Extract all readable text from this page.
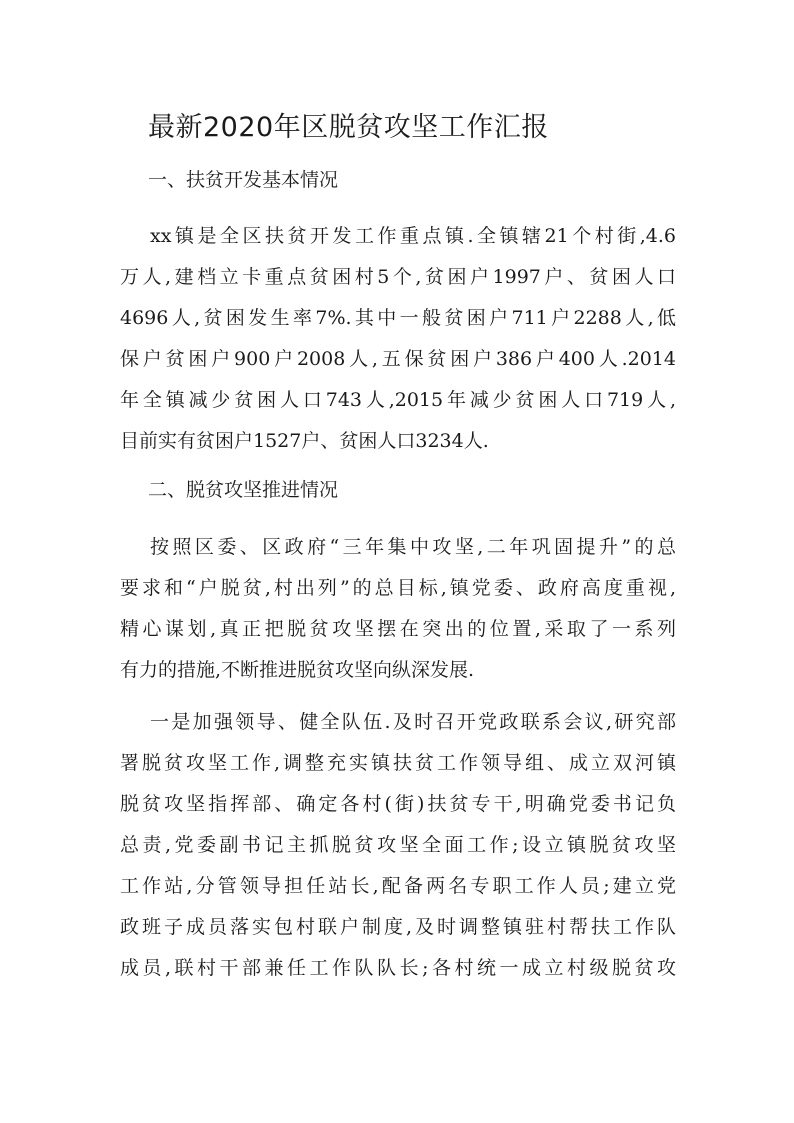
最新2020年区脱贫攻坚工作汇报
一、扶贫开发基本情况

xx镇是全区扶贫开发工作重点镇.全镇辖21个村街,4.6
万人,建档立卡重点贫困村5个,贫困户1997户、贫困人口
4696人,贫困发生率7%.其中一般贫困户711户2288人,低
保户贫困户900户2008人,五保贫困户386户400人.2014
年全镇减少贫困人口743人,2015年减少贫困人口719人,
目前实有贫困户1527户、贫困人口3234人.

二、脱贫攻坚推进情况

按照区委、区政府“三年集中攻坚,二年巩固提升”的总
要求和“户脱贫,村出列”的总目标,镇党委、政府高度重视,
精心谋划,真正把脱贫攻坚摆在突出的位置,采取了一系列
有力的措施,不断推进脱贫攻坚向纵深发展.

一是加强领导、健全队伍.及时召开党政联系会议,研究部
署脱贫攻坚工作,调整充实镇扶贫工作领导组、成立双河镇
脱贫攻坚指挥部、确定各村(街)扶贫专干,明确党委书记负
总责,党委副书记主抓脱贫攻坚全面工作;设立镇脱贫攻坚
工作站,分管领导担任站长,配备两名专职工作人员;建立党
政班子成员落实包村联户制度,及时调整镇驻村帮扶工作队
成员,联村干部兼任工作队队长;各村统一成立村级脱贫攻
